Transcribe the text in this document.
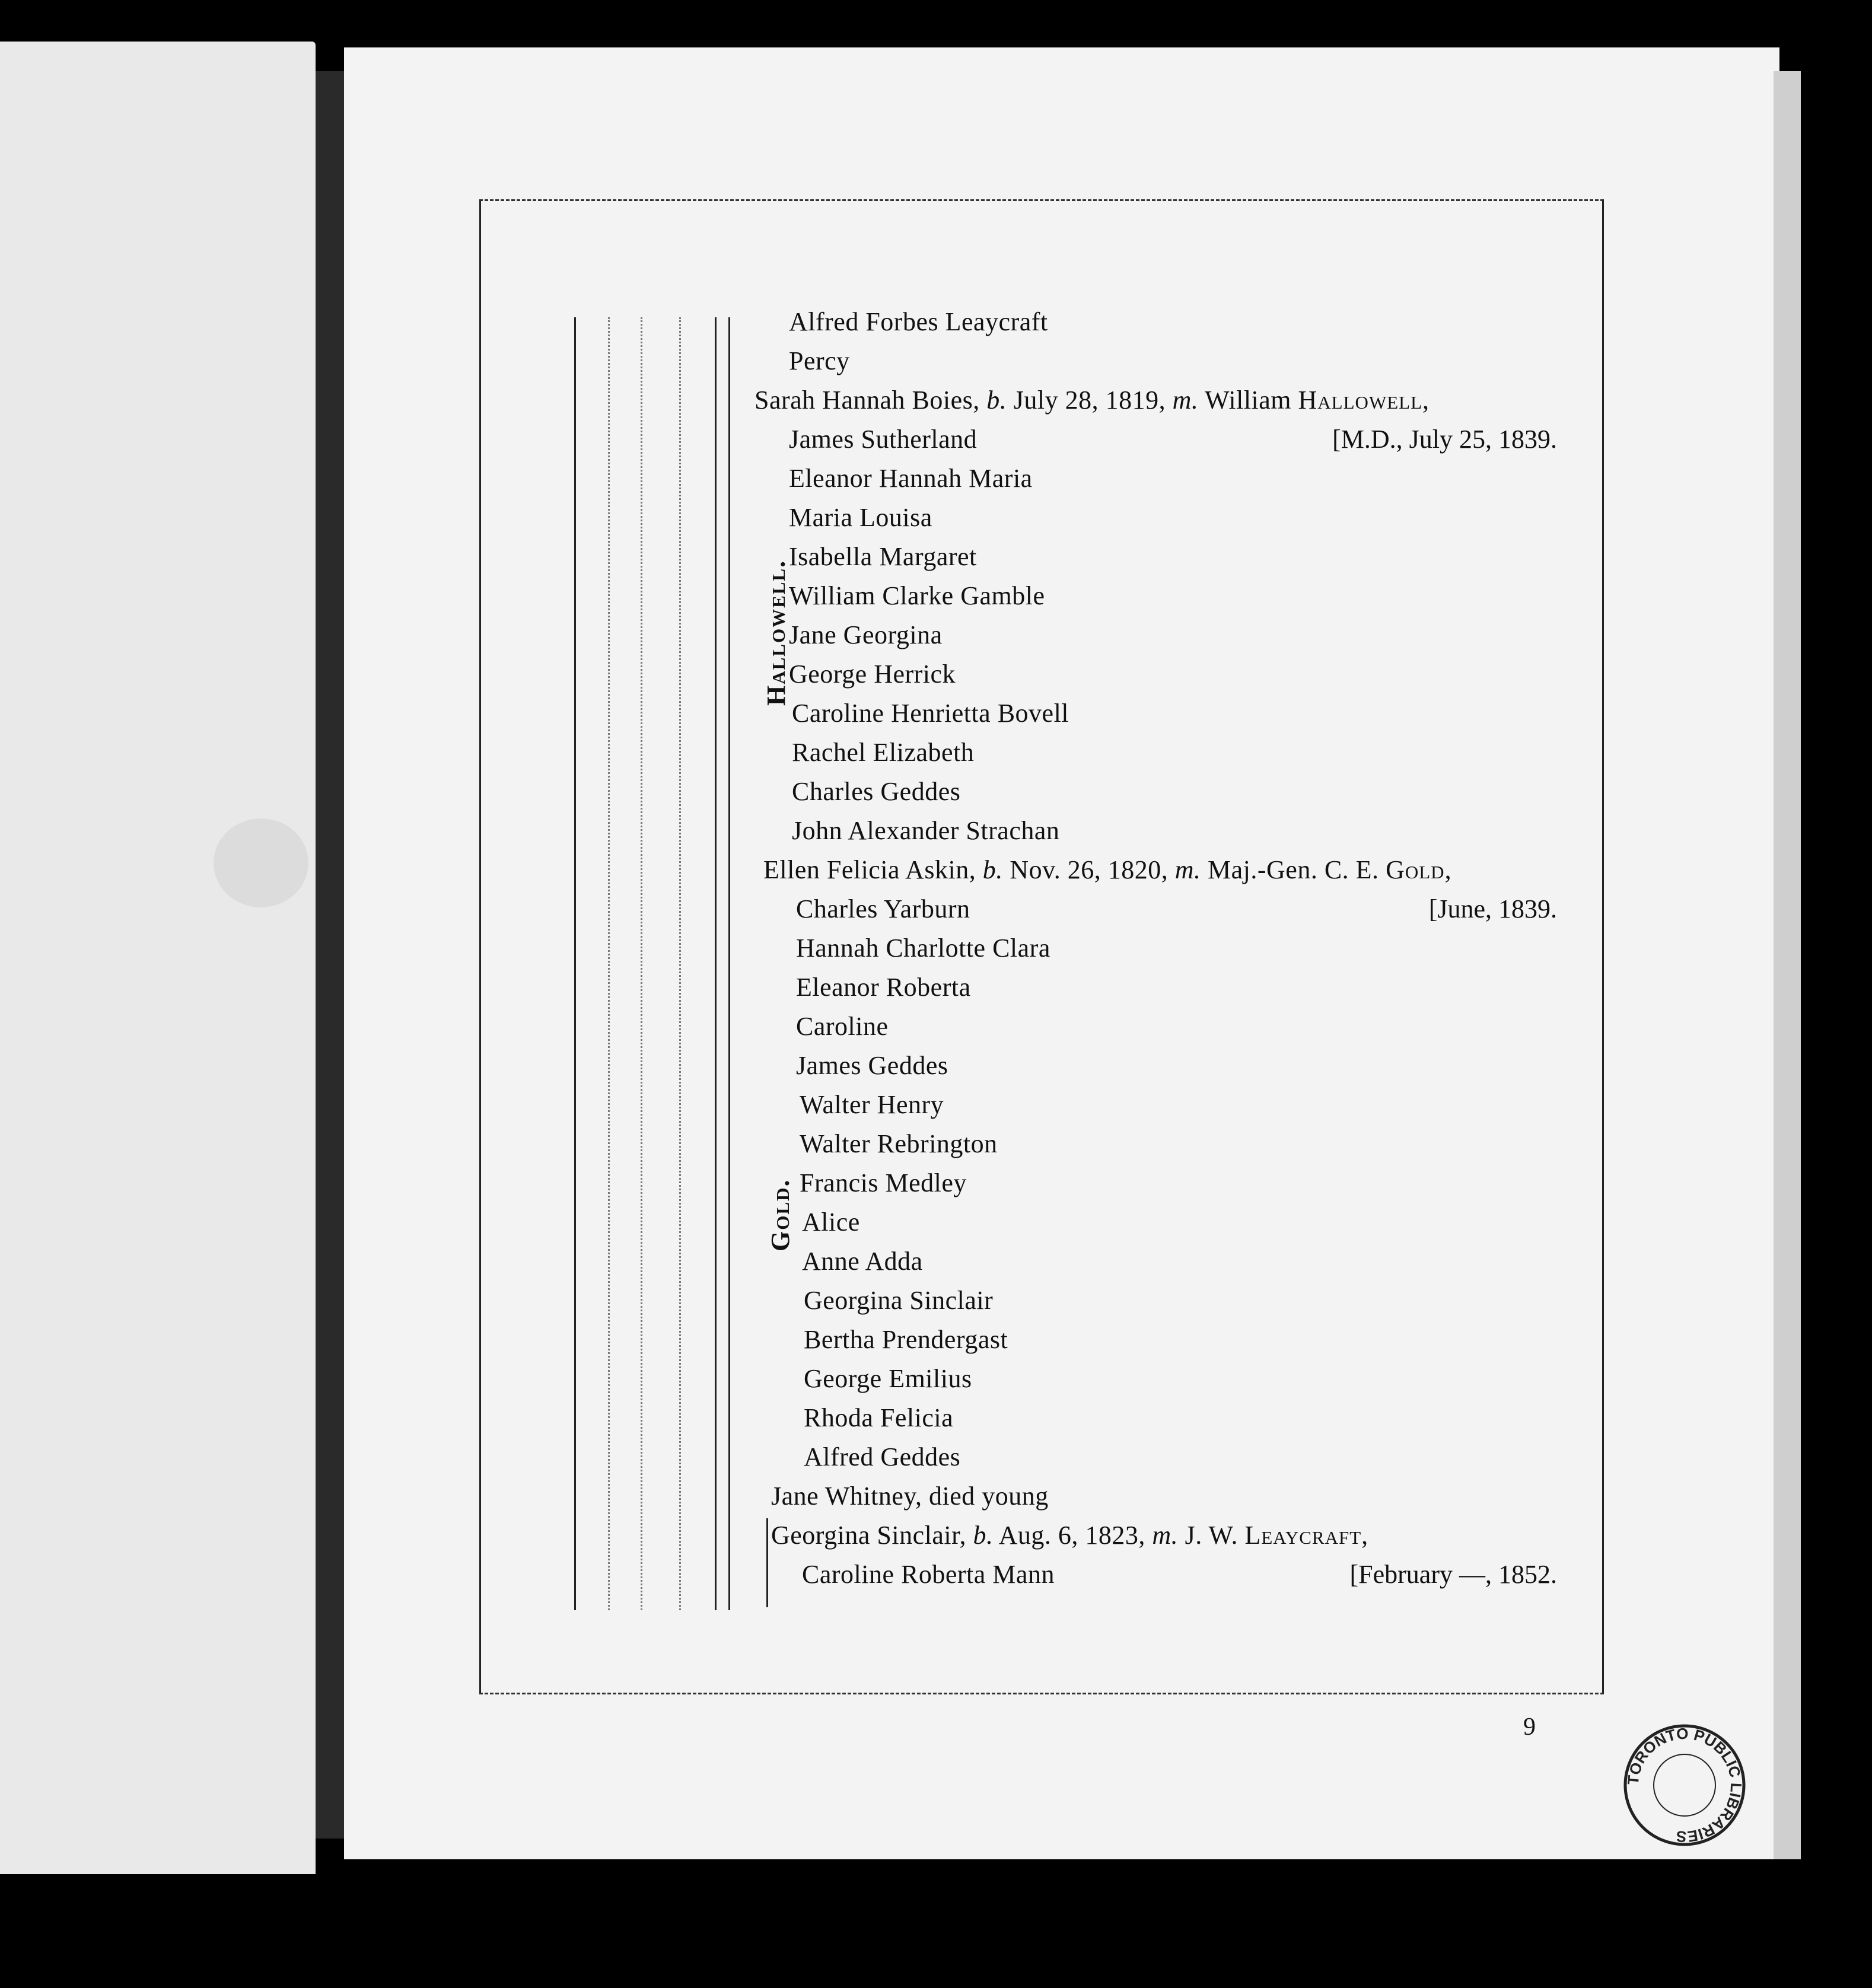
Hallowell.
Gold.
Alfred Forbes Leaycraft
Percy
Sarah Hannah Boies, b. July 28, 1819, m. William Hallowell,
James Sutherland	[M.D., July 25, 1839.
Eleanor Hannah Maria
Maria Louisa
Isabella Margaret
William Clarke Gamble
Jane Georgina
George Herrick
Caroline Henrietta Bovell
Rachel Elizabeth
Charles Geddes
John Alexander Strachan
Ellen Felicia Askin, b. Nov. 26, 1820, m. Maj.-Gen. C. E. Gold,
Charles Yarburn	[June, 1839.
Hannah Charlotte Clara
Eleanor Roberta
Caroline
James Geddes
Walter Henry
Walter Rebrington
Francis Medley
Alice
Anne Adda
Georgina Sinclair
Bertha Prendergast
George Emilius
Rhoda Felicia
Alfred Geddes
Jane Whitney, died young
Georgina Sinclair, b. Aug. 6, 1823, m. J. W. Leaycraft,
Caroline Roberta Mann	[February —, 1852.
9
TORONTO PUBLIC LIBRARIES
